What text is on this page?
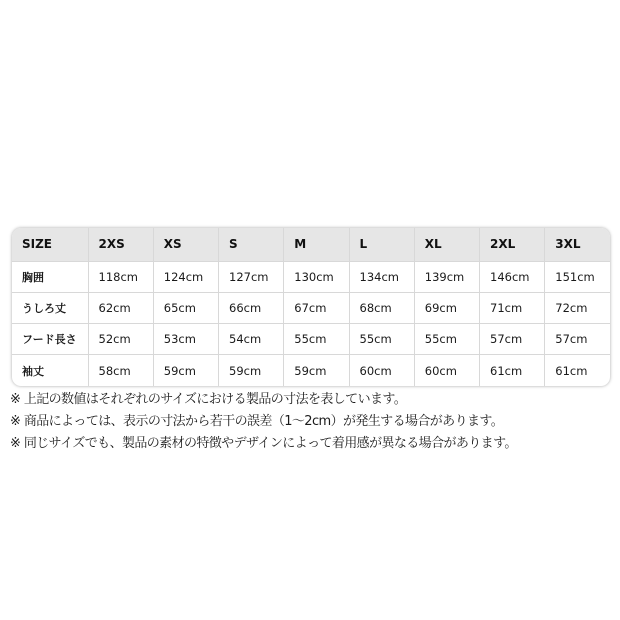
SIZE	2XS	XS	S	M	L	XL	2XL	3XL
胸囲	118cm	124cm	127cm	130cm	134cm	139cm	146cm	151cm
うしろ丈	62cm	65cm	66cm	67cm	68cm	69cm	71cm	72cm
フード長さ	52cm	53cm	54cm	55cm	55cm	55cm	57cm	57cm
袖丈	58cm	59cm	59cm	59cm	60cm	60cm	61cm	61cm
※ 上記の数値はそれぞれのサイズにおける製品の寸法を表しています。
※ 商品によっては、表示の寸法から若干の誤差（1〜2cm）が発生する場合があります。
※ 同じサイズでも、製品の素材の特徴やデザインによって着用感が異なる場合があります。
